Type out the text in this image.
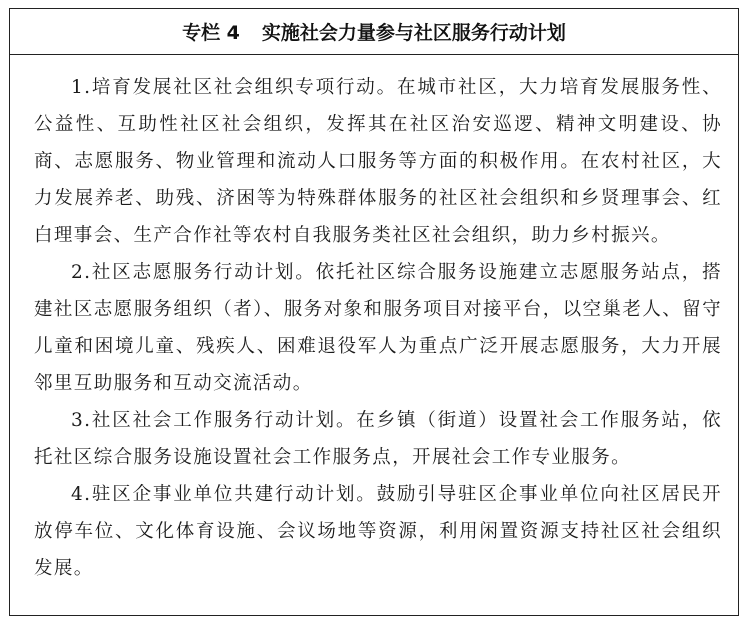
专栏 4 实施社会力量参与社区服务行动计划

1.培育发展社区社会组织专项行动。在城市社区，大力培育发展服务性、公益性、互助性社区社会组织，发挥其在社区治安巡逻、精神文明建设、协商、志愿服务、物业管理和流动人口服务等方面的积极作用。在农村社区，大力发展养老、助残、济困等为特殊群体服务的社区社会组织和乡贤理事会、红白理事会、生产合作社等农村自我服务类社区社会组织，助力乡村振兴。

2.社区志愿服务行动计划。依托社区综合服务设施建立志愿服务站点，搭建社区志愿服务组织（者）、服务对象和服务项目对接平台，以空巢老人、留守儿童和困境儿童、残疾人、困难退役军人为重点广泛开展志愿服务，大力开展邻里互助服务和互动交流活动。

3.社区社会工作服务行动计划。在乡镇（街道）设置社会工作服务站，依托社区综合服务设施设置社会工作服务点，开展社会工作专业服务。

4.驻区企事业单位共建行动计划。鼓励引导驻区企事业单位向社区居民开放停车位、文化体育设施、会议场地等资源，利用闲置资源支持社区社会组织发展。
